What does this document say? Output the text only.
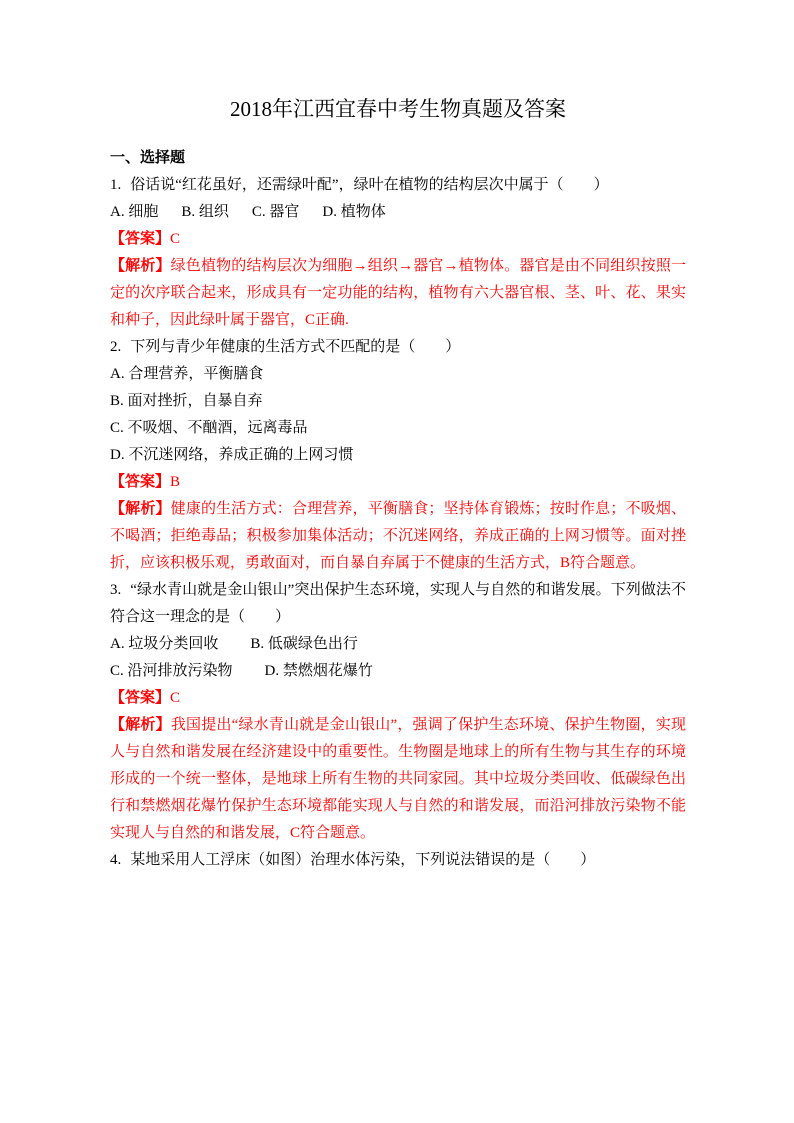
2018年江西宜春中考生物真题及答案
一、选择题

1. 俗话说“红花虽好，还需绿叶配”，绿叶在植物的结构层次中属于（　　）

A. 细胞 B. 组织 C. 器官 D. 植物体

【答案】C

【解析】绿色植物的结构层次为细胞→组织→器官→植物体。器官是由不同组织按照一定的次序联合起来，形成具有一定功能的结构，植物有六大器官根、茎、叶、花、果实和种子，因此绿叶属于器官，C正确.

2. 下列与青少年健康的生活方式不匹配的是（　　）

A. 合理营养，平衡膳食

B. 面对挫折，自暴自弃

C. 不吸烟、不酗酒，远离毒品

D. 不沉迷网络，养成正确的上网习惯

【答案】B

【解析】健康的生活方式：合理营养，平衡膳食；坚持体育锻炼；按时作息；不吸烟、不喝酒；拒绝毒品；积极参加集体活动；不沉迷网络，养成正确的上网习惯等。面对挫折，应该积极乐观，勇敢面对，而自暴自弃属于不健康的生活方式，B符合题意。

3. “绿水青山就是金山银山”突出保护生态环境，实现人与自然的和谐发展。下列做法不符合这一理念的是（　　）

A. 垃圾分类回收 B. 低碳绿色出行

C. 沿河排放污染物 D. 禁燃烟花爆竹

【答案】C

【解析】我国提出“绿水青山就是金山银山”，强调了保护生态环境、保护生物圈，实现人与自然和谐发展在经济建设中的重要性。生物圈是地球上的所有生物与其生存的环境形成的一个统一整体，是地球上所有生物的共同家园。其中垃圾分类回收、低碳绿色出行和禁燃烟花爆竹保护生态环境都能实现人与自然的和谐发展，而沿河排放污染物不能实现人与自然的和谐发展，C符合题意。

4. 某地采用人工浮床（如图）治理水体污染，下列说法错误的是（　　）
